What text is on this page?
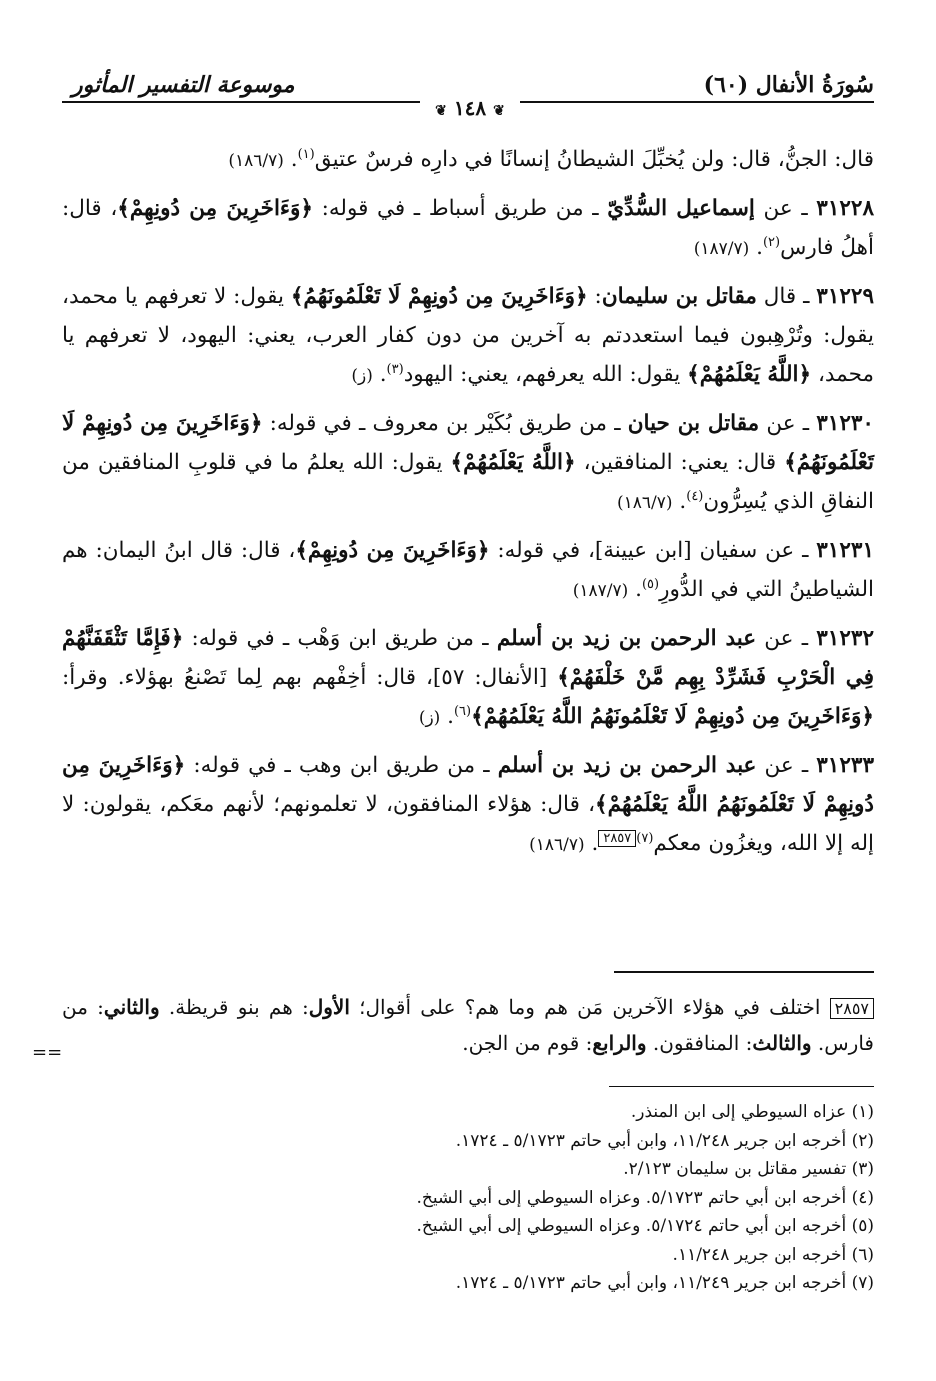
سُورَةُ الأنفال (٦٠)
موسوعة التفسير المأثور
❦ ١٤٨ ❦

قال: الجنُّ، قال: ولن يُخبِّلَ الشيطانُ إنسانًا في دارِه فرسٌ عتيق$^{(١)}$. (١٨٦/٧)

٣١٢٢٨ ـ عن إسماعيل السُّدِّيّ ـ من طريق أسباط ـ في قوله: ﴿وَءَاخَرِينَ مِن دُونِهِمْ﴾، قال: أهلُ فارس$^{(٢)}$. (١٨٧/٧)

٣١٢٢٩ ـ قال مقاتل بن سليمان: ﴿وَءَاخَرِينَ مِن دُونِهِمْ لَا تَعْلَمُونَهُمُ﴾ يقول: لا تعرفهم يا محمد، يقول: وتُرْهِبون فيما استعددتم به آخرين من دون كفار العرب، يعني: اليهود، لا تعرفهم يا محمد، ﴿اللَّهُ يَعْلَمُهُمْ﴾ يقول: الله يعرفهم، يعني: اليهود$^{(٣)}$. (ز)

٣١٢٣٠ ـ عن مقاتل بن حيان ـ من طريق بُكَيْر بن معروف ـ في قوله: ﴿وَءَاخَرِينَ مِن دُونِهِمْ لَا تَعْلَمُونَهُمُ﴾ قال: يعني: المنافقين، ﴿اللَّهُ يَعْلَمُهُمْ﴾ يقول: الله يعلمُ ما في قلوبِ المنافقين من النفاقِ الذي يُسِرُّون$^{(٤)}$. (١٨٦/٧)

٣١٢٣١ ـ عن سفيان [ابن عيينة]، في قوله: ﴿وَءَاخَرِينَ مِن دُونِهِمْ﴾، قال: قال ابنُ اليمان: هم الشياطينُ التي في الدُّورِ$^{(٥)}$. (١٨٧/٧)

٣١٢٣٢ ـ عن عبد الرحمن بن زيد بن أسلم ـ من طريق ابن وَهْب ـ في قوله: ﴿فَإِمَّا تَثْقَفَنَّهُمْ فِي الْحَرْبِ فَشَرِّدْ بِهِم مَّنْ خَلْفَهُمْ﴾ [الأنفال: ٥٧]، قال: أخِفْهم بهم لِما تَصْنعُ بهؤلاء. وقرأ: ﴿وَءَاخَرِينَ مِن دُونِهِمْ لَا تَعْلَمُونَهُمُ اللَّهُ يَعْلَمُهُمْ﴾$^{(٦)}$. (ز)

٣١٢٣٣ ـ عن عبد الرحمن بن زيد بن أسلم ـ من طريق ابن وهب ـ في قوله: ﴿وَءَاخَرِينَ مِن دُونِهِمْ لَا تَعْلَمُونَهُمُ اللَّهُ يَعْلَمُهُمْ﴾، قال: هؤلاء المنافقون، لا تعلمونهم؛ لأنهم معَكم، يقولون: لا إله إلا الله، ويغزُون معكم$^{(٧)٢٨٥٧}$. (١٨٦/٧)

٢٨٥٧ اختلف في هؤلاء الآخرين مَن هم وما هم؟ على أقوال؛ الأول: هم بنو قريظة. والثاني: من فارس. والثالث: المنافقون. والرابع: قوم من الجن.
==
(١) عزاه السيوطي إلى ابن المنذر.
(٢) أخرجه ابن جرير ١١/٢٤٨، وابن أبي حاتم ٥/١٧٢٣ ـ ١٧٢٤.
(٣) تفسير مقاتل بن سليمان ٢/١٢٣.
(٤) أخرجه ابن أبي حاتم ٥/١٧٢٣. وعزاه السيوطي إلى أبي الشيخ.
(٥) أخرجه ابن أبي حاتم ٥/١٧٢٤. وعزاه السيوطي إلى أبي الشيخ.
(٦) أخرجه ابن جرير ١١/٢٤٨.
(٧) أخرجه ابن جرير ١١/٢٤٩، وابن أبي حاتم ٥/١٧٢٣ ـ ١٧٢٤.
